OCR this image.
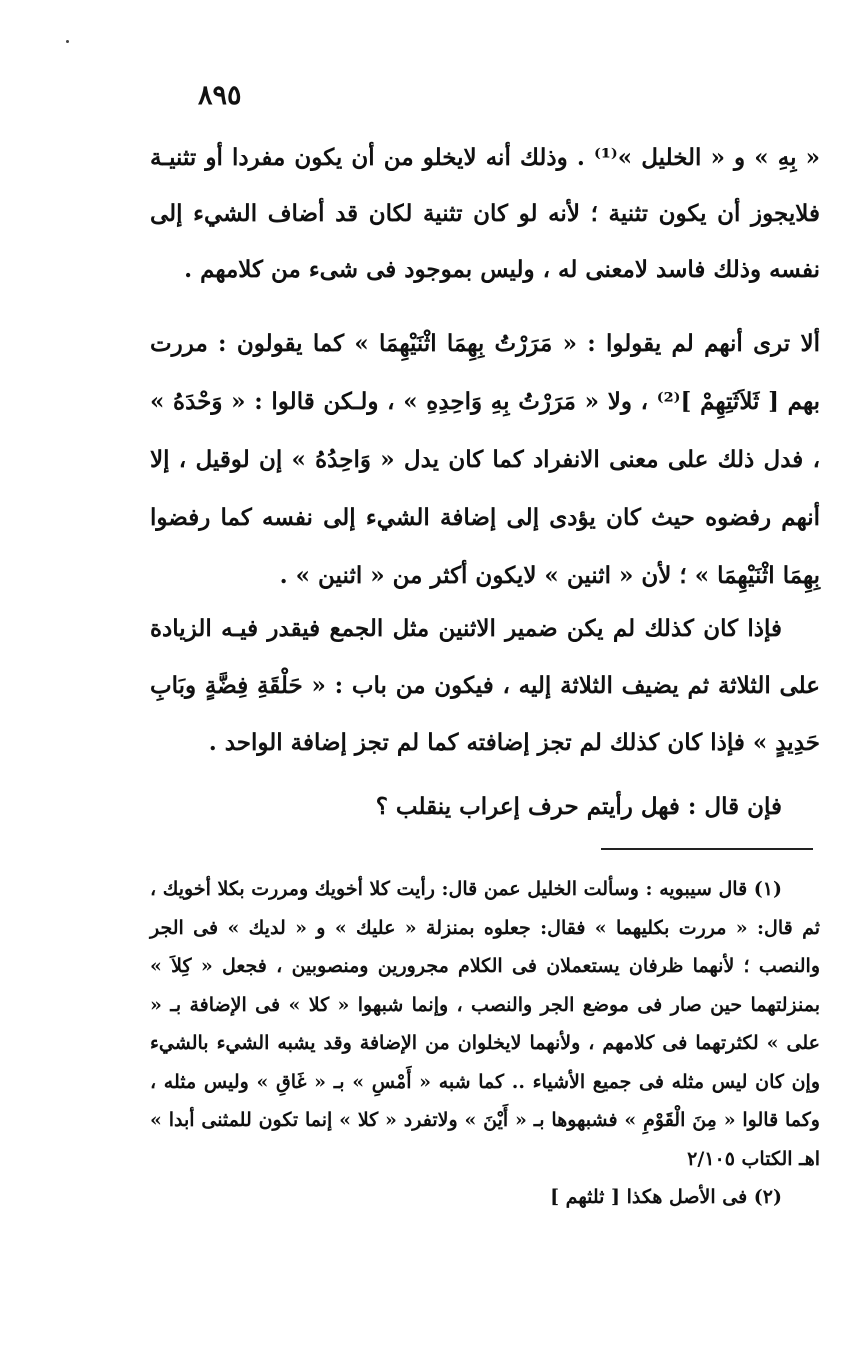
٨٩٥

« بِهِ » و « الخليل »⁽¹⁾ . وذلك أنه لايخلو من أن يكون مفردا أو تثنيـة فلايجوز أن يكون تثنية ؛ لأنه لو كان تثنية لكان قد أضاف الشيء إلى نفسه وذلك فاسد لامعنى له ، وليس بموجود فى شىء من كلامهم .

ألا ترى أنهم لم يقولوا : « مَرَرْتُ بِهِمَا اثْنَيْهِمَا » كما يقولون : مررت بهم [ ثَلاَثَتِهِمْ ]⁽²⁾ ، ولا « مَرَرْتُ بِهِ وَاحِدِهِ » ، ولـكن قالوا : « وَحْدَهُ » ، فدل ذلك على معنى الانفراد كما كان يدل « وَاحِدُهُ » إن لوقيل ، إلا أنهم رفضوه حيث كان يؤدى إلى إضافة الشيء إلى نفسه كما رفضوا بِهِمَا اثْنَيْهِمَا » ؛ لأن « اثنين » لايكون أكثر من « اثنين » .

فإذا كان كذلك لم يكن ضمير الاثنين مثل الجمع فيقدر فيـه الزيادة على الثلاثة ثم يضيف الثلاثة إليه ، فيكون من باب : « حَلْقَةِ فِضَّةٍ وبَابِ حَدِيدٍ » فإذا كان كذلك لم تجز إضافته كما لم تجز إضافة الواحد .

فإن قال : فهل رأيتم حرف إعراب ينقلب ؟

(١) قال سيبويه : وسألت الخليل عمن قال: رأيت كلا أخويك ومررت بكلا أخويك ، ثم قال: « مررت بكليهما » فقال: جعلوه بمنزلة « عليك » و « لديك » فى الجر والنصب ؛ لأنهما ظرفان يستعملان فى الكلام مجرورين ومنصوبين ، فجعل « كِلاَ » بمنزلتهما حين صار فى موضع الجر والنصب ، وإنما شبهوا « كلا » فى الإضافة بـ « على » لكثرتهما فى كلامهم ، ولأنهما لايخلوان من الإضافة وقد يشبه الشيء بالشيء وإن كان ليس مثله فى جميع الأشياء .. كما شبه « أَمْسِ » بـ « غَاقِ » وليس مثله ، وكما قالوا « مِنَ الْقَوْمِ » فشبهوها بـ « أَيْنَ » ولاتفرد « كلا » إنما تكون للمثنى أبدا » اهـ الكتاب ٢/١٠٥

(٢) فى الأصل هكذا [ ثلثهم ]
